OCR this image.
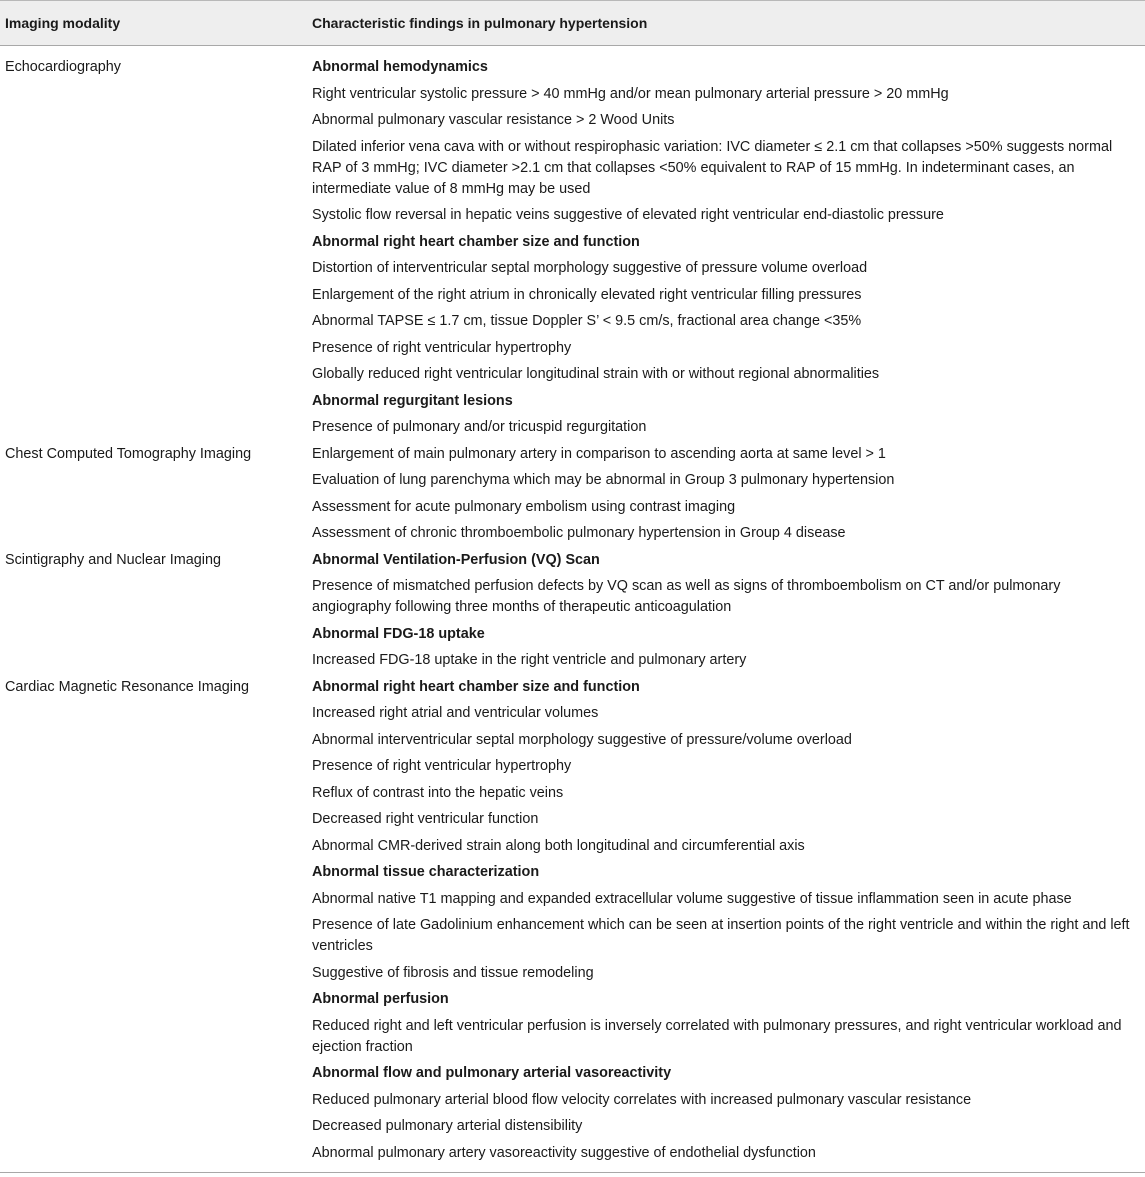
Imaging modality	Characteristic findings in pulmonary hypertension
Echocardiography	Abnormal hemodynamics
Right ventricular systolic pressure > 40 mmHg and/or mean pulmonary arterial pressure > 20 mmHg
Abnormal pulmonary vascular resistance > 2 Wood Units
Dilated inferior vena cava with or without respirophasic variation: IVC diameter ≤ 2.1 cm that collapses >50% suggests normal RAP of 3 mmHg; IVC diameter >2.1 cm that collapses <50% equivalent to RAP of 15 mmHg. In indeterminant cases, an intermediate value of 8 mmHg may be used
Systolic flow reversal in hepatic veins suggestive of elevated right ventricular end-diastolic pressure
Abnormal right heart chamber size and function
Distortion of interventricular septal morphology suggestive of pressure volume overload
Enlargement of the right atrium in chronically elevated right ventricular filling pressures
Abnormal TAPSE ≤ 1.7 cm, tissue Doppler S’ < 9.5 cm/s, fractional area change <35%
Presence of right ventricular hypertrophy
Globally reduced right ventricular longitudinal strain with or without regional abnormalities
Abnormal regurgitant lesions
Presence of pulmonary and/or tricuspid regurgitation
Chest Computed Tomography Imaging	Enlargement of main pulmonary artery in comparison to ascending aorta at same level > 1
Evaluation of lung parenchyma which may be abnormal in Group 3 pulmonary hypertension
Assessment for acute pulmonary embolism using contrast imaging
Assessment of chronic thromboembolic pulmonary hypertension in Group 4 disease
Scintigraphy and Nuclear Imaging	Abnormal Ventilation-Perfusion (VQ) Scan
Presence of mismatched perfusion defects by VQ scan as well as signs of thromboembolism on CT and/or pulmonary angiography following three months of therapeutic anticoagulation
Abnormal FDG-18 uptake
Increased FDG-18 uptake in the right ventricle and pulmonary artery
Cardiac Magnetic Resonance Imaging	Abnormal right heart chamber size and function
Increased right atrial and ventricular volumes
Abnormal interventricular septal morphology suggestive of pressure/volume overload
Presence of right ventricular hypertrophy
Reflux of contrast into the hepatic veins
Decreased right ventricular function
Abnormal CMR-derived strain along both longitudinal and circumferential axis
Abnormal tissue characterization
Abnormal native T1 mapping and expanded extracellular volume suggestive of tissue inflammation seen in acute phase
Presence of late Gadolinium enhancement which can be seen at insertion points of the right ventricle and within the right and left ventricles
Suggestive of fibrosis and tissue remodeling
Abnormal perfusion
Reduced right and left ventricular perfusion is inversely correlated with pulmonary pressures, and right ventricular workload and ejection fraction
Abnormal flow and pulmonary arterial vasoreactivity
Reduced pulmonary arterial blood flow velocity correlates with increased pulmonary vascular resistance
Decreased pulmonary arterial distensibility
Abnormal pulmonary artery vasoreactivity suggestive of endothelial dysfunction
